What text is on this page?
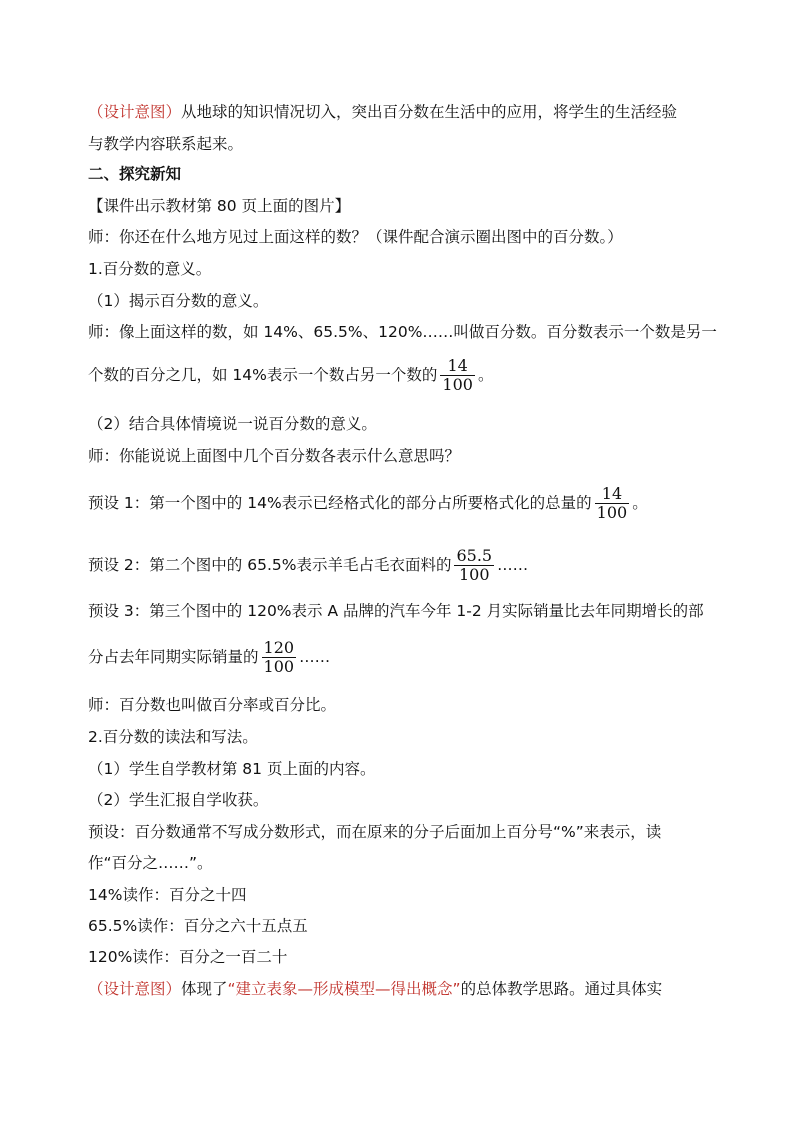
（设计意图）从地球的知识情况切入，突出百分数在生活中的应用，将学生的生活经验
与教学内容联系起来。
二、探究新知
【课件出示教材第 80 页上面的图片】
师：你还在什么地方见过上面这样的数？（课件配合演示圈出图中的百分数。）
1.百分数的意义。
（1）揭示百分数的意义。
师：像上面这样的数，如 14%、65.5%、120%……叫做百分数。百分数表示一个数是另一
个数的百分之几，如 14%表示一个数占另一个数的 $\frac{14}{100}$ 。
（2）结合具体情境说一说百分数的意义。
师：你能说说上面图中几个百分数各表示什么意思吗？
预设 1：第一个图中的 14%表示已经格式化的部分占所要格式化的总量的 $\frac{14}{100}$ 。
预设 2：第二个图中的 65.5%表示羊毛占毛衣面料的 $\frac{65.5}{100}$ ……
预设 3：第三个图中的 120%表示 A 品牌的汽车今年 1-2 月实际销量比去年同期增长的部
分占去年同期实际销量的 $\frac{120}{100}$ ……
师：百分数也叫做百分率或百分比。
2.百分数的读法和写法。
（1）学生自学教材第 81 页上面的内容。
（2）学生汇报自学收获。
预设：百分数通常不写成分数形式，而在原来的分子后面加上百分号“%”来表示，读
作“百分之……”。
14%读作：百分之十四
65.5%读作：百分之六十五点五
120%读作：百分之一百二十
（设计意图）体现了“建立表象—形成模型—得出概念”的总体教学思路。通过具体实
